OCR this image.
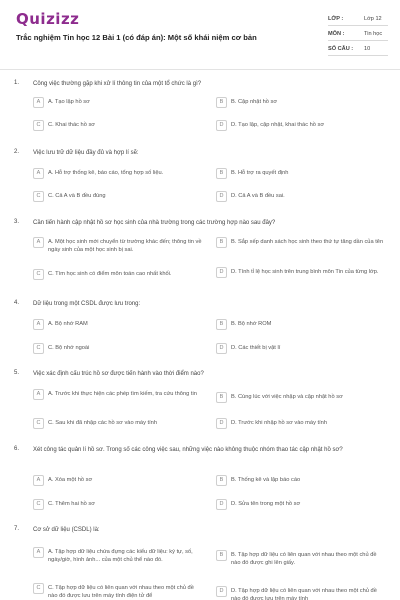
Quizizz
Trắc nghiệm Tin học 12 Bài 1 (có đáp án): Một số khái niệm cơ bản
LỚP :	Lớp 12
MÔN :	Tin học
SỐ CÂU : 10
1. Công việc thường gặp khi xử lí thông tin của một tổ chức là gì?
A	A. Tạo lập hồ sơ	B	B. Cập nhật hồ sơ
C	C. Khai thác hồ sơ	D	D. Tạo lập, cập nhật, khai thác hồ sơ
2. Việc lưu trữ dữ liệu đầy đủ và hợp lí sẽ:
A	A. Hỗ trợ thống kê, báo cáo, tổng hợp số liệu.	B	B. Hỗ trợ ra quyết định
C	C. Cả A và B đều đúng	D	D. Cả A và B đều sai.
3. Cần tiến hành cập nhật hồ sơ học sinh của nhà trường trong các trường hợp nào sau đây?
A	A. Một học sinh mới chuyển từ trường khác đến; thông tin về ngày sinh của một học sinh bị sai.
B	B. Sắp xếp danh sách học sinh theo thứ tự tăng dần của tên
C	C. Tìm học sinh có điểm môn toán cao nhất khối.	D	D. Tính tỉ lệ học sinh trên trung bình môn Tin của từng lớp.
4. Dữ liệu trong một CSDL được lưu trong:
A	A. Bộ nhớ RAM	B	B. Bộ nhớ ROM
C	C. Bộ nhớ ngoài	D	D. Các thiết bị vật lí
5. Việc xác định cấu trúc hồ sơ được tiến hành vào thời điểm nào?
A	A. Trước khi thực hiện các phép tìm kiếm, tra cứu thông tin	B	B. Cùng lúc với việc nhập và cập nhật hồ sơ
C	C. Sau khi đã nhập các hồ sơ vào máy tính	D	D. Trước khi nhập hồ sơ vào máy tính
6. Xét công tác quản lí hồ sơ. Trong số các công việc sau, những việc nào không thuộc nhóm thao tác cập nhật hồ sơ?
A	A. Xóa một hồ sơ	B	B. Thống kê và lập báo cáo
C	C. Thêm hai hồ sơ	D	D. Sửa tên trong một hồ sơ
7. Cơ sở dữ liệu (CSDL) là:
A	A. Tập hợp dữ liệu chứa đựng các kiểu dữ liệu: ký tự, số, ngày/giờ, hình ảnh... của một chủ thể nào đó.
B	B. Tập hợp dữ liệu có liên quan với nhau theo một chủ đề nào đó được ghi lên giấy.
C	C. Tập hợp dữ liệu có liên quan với nhau theo một chủ đề nào đó được lưu trên máy tính điện tử để
D	D. Tập hợp dữ liệu có liên quan với nhau theo một chủ đề nào đó được lưu trên máy tính
